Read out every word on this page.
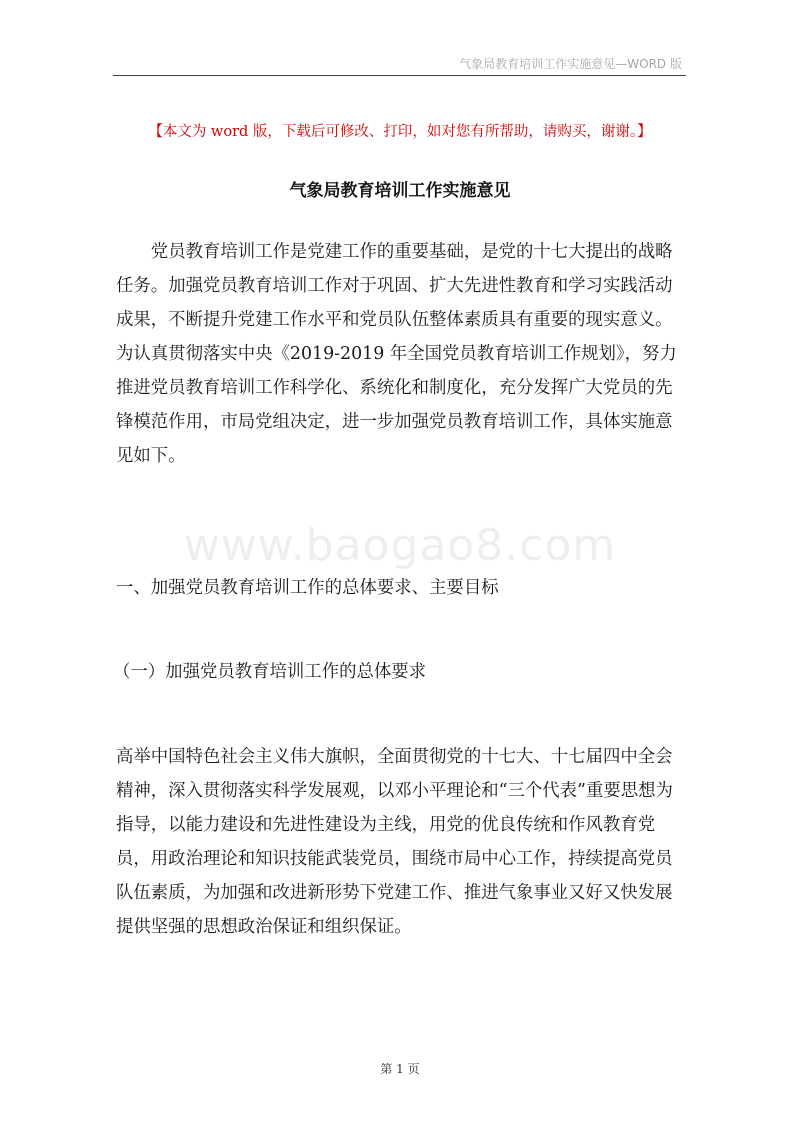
气象局教育培训工作实施意见—WORD 版
【本文为 word 版，下载后可修改、打印，如对您有所帮助，请购买，谢谢。】
气象局教育培训工作实施意见

党员教育培训工作是党建工作的重要基础，是党的十七大提出的战略任务。加强党员教育培训工作对于巩固、扩大先进性教育和学习实践活动成果，不断提升党建工作水平和党员队伍整体素质具有重要的现实意义。为认真贯彻落实中央《2019-2019 年全国党员教育培训工作规划》，努力推进党员教育培训工作科学化、系统化和制度化，充分发挥广大党员的先锋模范作用，市局党组决定，进一步加强党员教育培训工作，具体实施意见如下。

www.baogao8.com

一、加强党员教育培训工作的总体要求、主要目标

（一）加强党员教育培训工作的总体要求

高举中国特色社会主义伟大旗帜，全面贯彻党的十七大、十七届四中全会精神，深入贯彻落实科学发展观，以邓小平理论和“三个代表”重要思想为指导，以能力建设和先进性建设为主线，用党的优良传统和作风教育党员，用政治理论和知识技能武装党员，围绕市局中心工作，持续提高党员队伍素质，为加强和改进新形势下党建工作、推进气象事业又好又快发展提供坚强的思想政治保证和组织保证。

第 1 页
